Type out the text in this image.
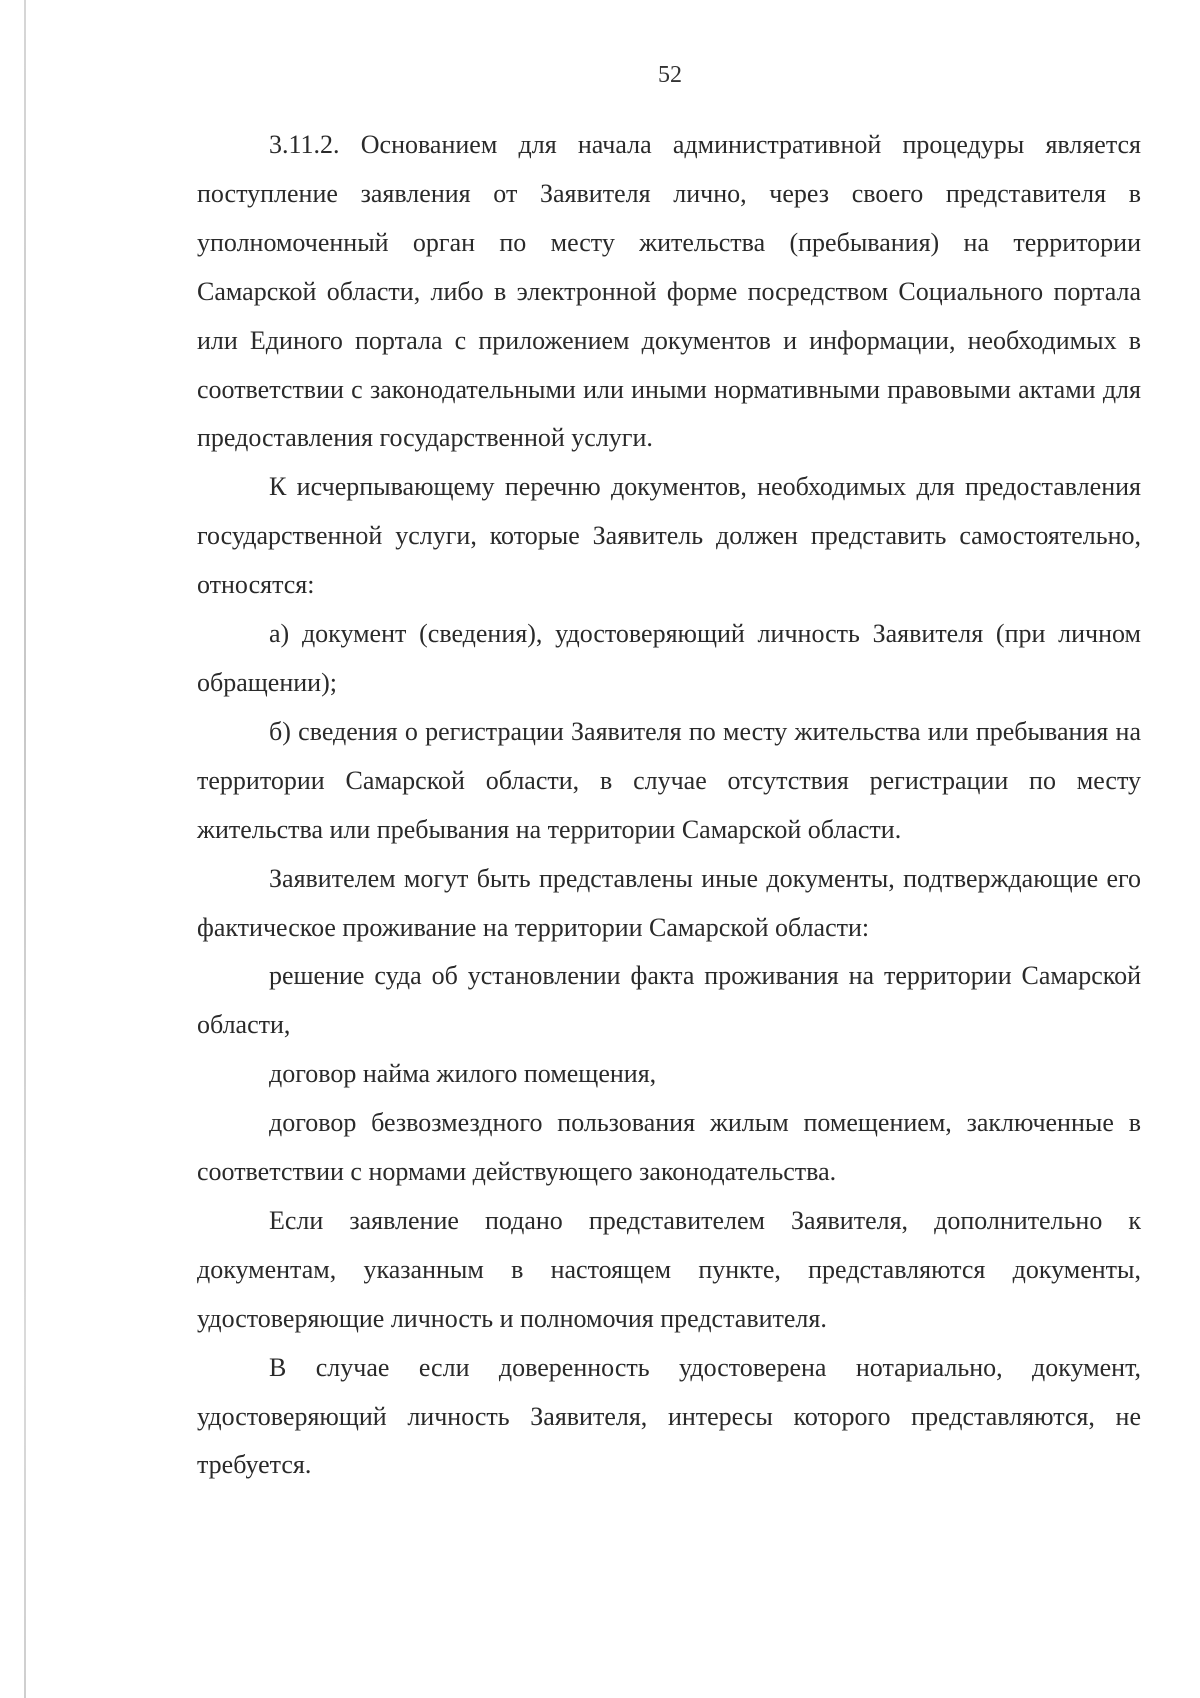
52

3.11.2. Основанием для начала административной процедуры является поступление заявления от Заявителя лично, через своего представителя в уполномоченный орган по месту жительства (пребывания) на территории Самарской области, либо в электронной форме посредством Социального портала или Единого портала с приложением документов и информации, необходимых в соответствии с законодательными или иными нормативными правовыми актами для предоставления государственной услуги.

К исчерпывающему перечню документов, необходимых для предоставления государственной услуги, которые Заявитель должен представить самостоятельно, относятся:

а) документ (сведения), удостоверяющий личность Заявителя (при личном обращении);

б) сведения о регистрации Заявителя по месту жительства или пребывания на территории Самарской области, в случае отсутствия регистрации по месту жительства или пребывания на территории Самарской области.

Заявителем могут быть представлены иные документы, подтверждающие его фактическое проживание на территории Самарской области:

решение суда об установлении факта проживания на территории Самарской области,

договор найма жилого помещения,

договор безвозмездного пользования жилым помещением, заключенные в соответствии с нормами действующего законодательства.

Если заявление подано представителем Заявителя, дополнительно к документам, указанным в настоящем пункте, представляются документы, удостоверяющие личность и полномочия представителя.

В случае если доверенность удостоверена нотариально, документ, удостоверяющий личность Заявителя, интересы которого представляются, не требуется.
